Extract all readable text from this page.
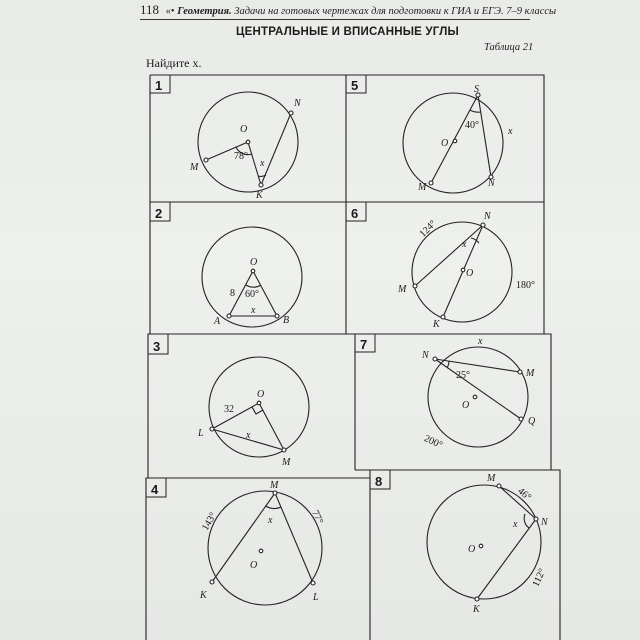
118 «• Геометрия. Задачи на готовых чертежах для подготовки к ГИА и ЕГЭ. 7–9 классы
ЦЕНТРАЛЬНЫЕ И ВПИСАННЫЕ УГЛЫ
Таблица 21
Найдите x.
1	5
2	6
3	7
4
8
N
O
78°
x
M
K
S
40°
x
O
M	N
O
8 60°
x
A	B
124°
N
x
O
M	180°
K
O
32
L	x
M
x
N
25°	M
O
Q
200°
M
143°	77°
x
O
K	L
M
46°
x N
O
112°
K
